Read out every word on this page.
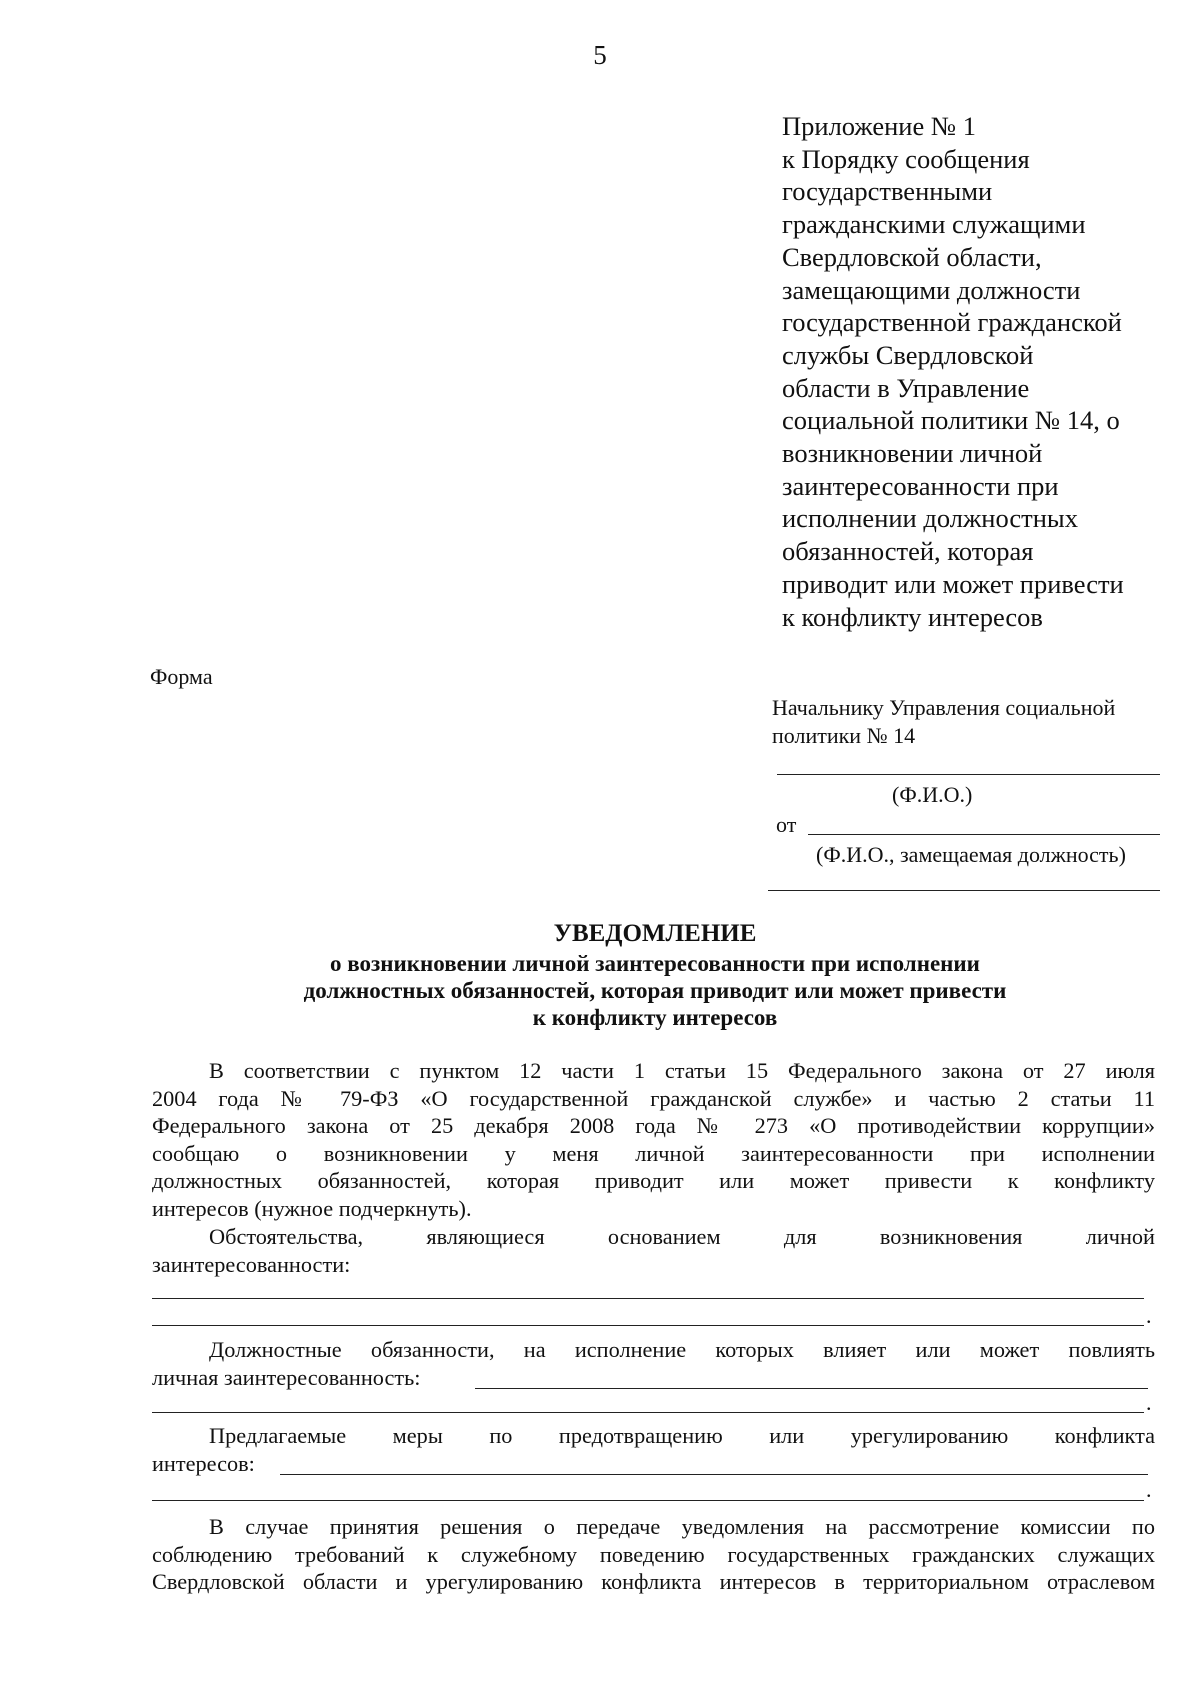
5
Приложение № 1
к Порядку сообщения
государственными
гражданскими служащими
Свердловской области,
замещающими должности
государственной гражданской
службы Свердловской
области в Управление
социальной политики № 14, о
возникновении личной
заинтересованности при
исполнении должностных
обязанностей, которая
приводит или может привести
к конфликту интересов
Форма
Начальнику Управления социальной
политики № 14
(Ф.И.О.)
от
(Ф.И.О., замещаемая должность)
УВЕДОМЛЕНИЕ
о возникновении личной заинтересованности при исполнении
должностных обязанностей, которая приводит или может привести
к конфликту интересов
В соответствии с пунктом 12 части 1 статьи 15 Федерального закона от 27 июля
2004 года № 79-ФЗ «О государственной гражданской службе» и частью 2 статьи 11
Федерального закона от 25 декабря 2008 года № 273 «О противодействии коррупции»
сообщаю о возникновении у меня личной заинтересованности при исполнении
должностных обязанностей, которая приводит или может привести к конфликту
интересов (нужное подчеркнуть).
Обстоятельства, являющиеся основанием для возникновения личной
заинтересованности:
.
Должностные обязанности, на исполнение которых влияет или может повлиять
личная заинтересованность:
.
Предлагаемые меры по предотвращению или урегулированию конфликта
интересов:
.
В случае принятия решения о передаче уведомления на рассмотрение комиссии по
соблюдению требований к служебному поведению государственных гражданских служащих
Свердловской области и урегулированию конфликта интересов в территориальном отраслевом
